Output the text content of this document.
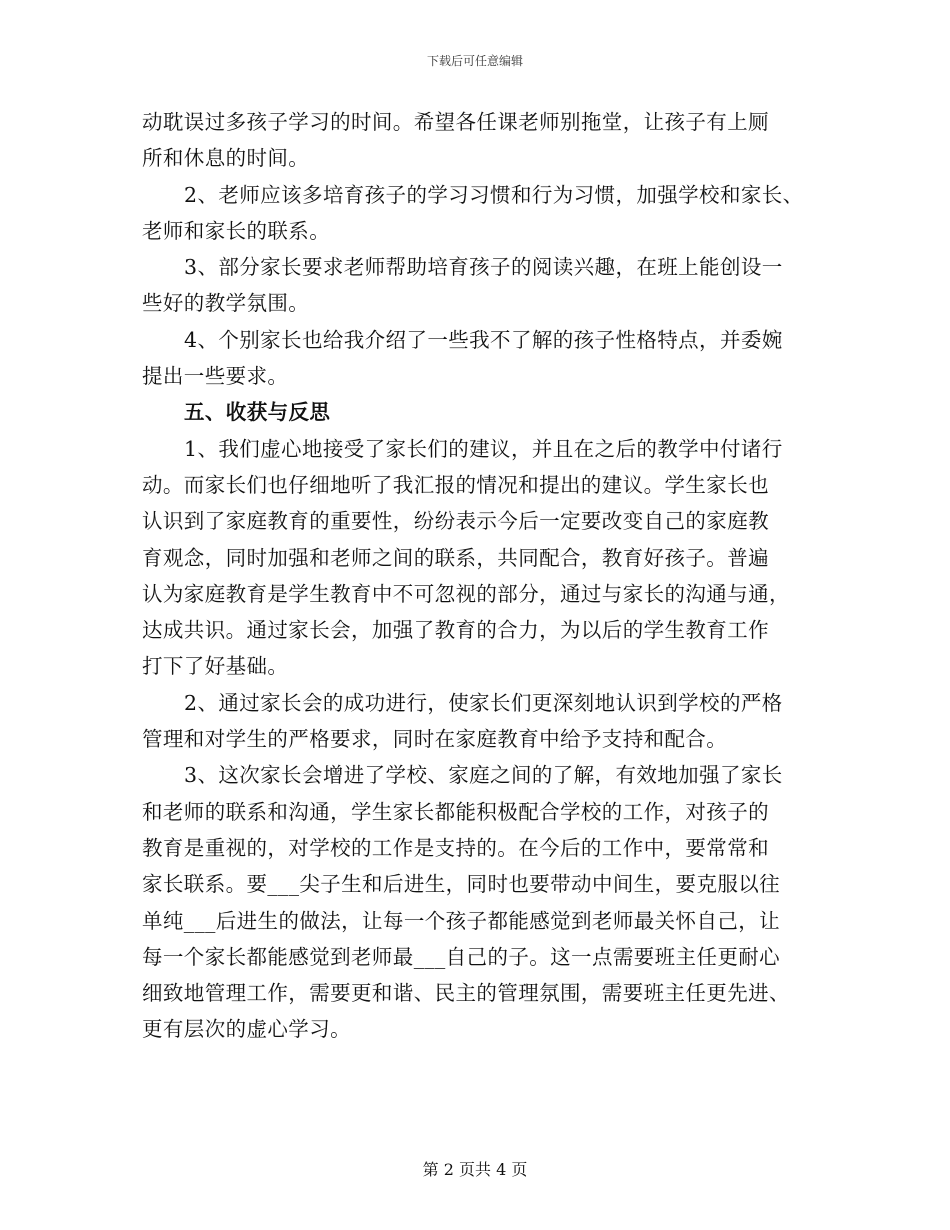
下载后可任意编辑
动耽误过多孩子学习的时间。希望各任课老师别拖堂，让孩子有上厕
所和休息的时间。
2、老师应该多培育孩子的学习习惯和行为习惯，加强学校和家长、
老师和家长的联系。
3、部分家长要求老师帮助培育孩子的阅读兴趣，在班上能创设一
些好的教学氛围。
4、个别家长也给我介绍了一些我不了解的孩子性格特点，并委婉
提出一些要求。
五、收获与反思
1、我们虚心地接受了家长们的建议，并且在之后的教学中付诸行
动。而家长们也仔细地听了我汇报的情况和提出的建议。学生家长也
认识到了家庭教育的重要性，纷纷表示今后一定要改变自己的家庭教
育观念，同时加强和老师之间的联系，共同配合，教育好孩子。普遍
认为家庭教育是学生教育中不可忽视的部分，通过与家长的沟通与通，
达成共识。通过家长会，加强了教育的合力，为以后的学生教育工作
打下了好基础。
2、通过家长会的成功进行，使家长们更深刻地认识到学校的严格
管理和对学生的严格要求，同时在家庭教育中给予支持和配合。
3、这次家长会增进了学校、家庭之间的了解，有效地加强了家长
和老师的联系和沟通，学生家长都能积极配合学校的工作，对孩子的
教育是重视的，对学校的工作是支持的。在今后的工作中，要常常和
家长联系。要___尖子生和后进生，同时也要带动中间生，要克服以往
单纯___后进生的做法，让每一个孩子都能感觉到老师最关怀自己，让
每一个家长都能感觉到老师最___自己的子。这一点需要班主任更耐心
细致地管理工作，需要更和谐、民主的管理氛围，需要班主任更先进、
更有层次的虚心学习。
第 2 页共 4 页
